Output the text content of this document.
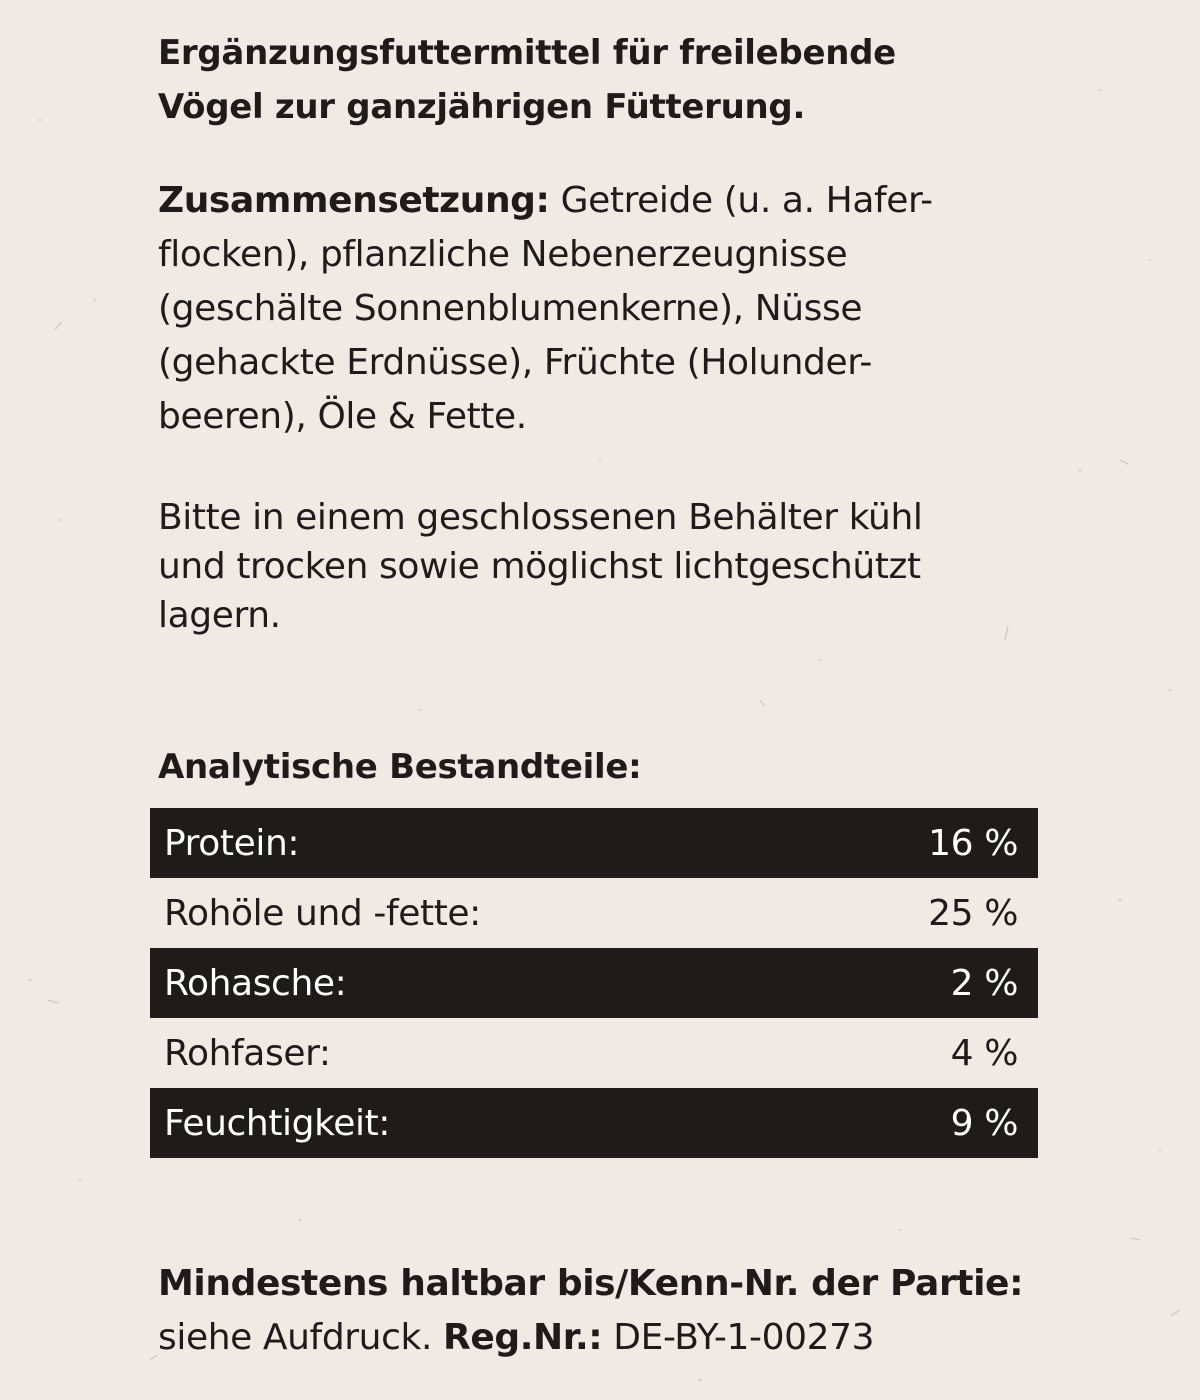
Ergänzungsfuttermittel für freilebende
Vögel zur ganzjährigen Fütterung.
Zusammensetzung: Getreide (u. a. Hafer-
flocken), pflanzliche Nebenerzeugnisse
(geschälte Sonnenblumenkerne), Nüsse
(gehackte Erdnüsse), Früchte (Holunder-
beeren), Öle & Fette.
Bitte in einem geschlossenen Behälter kühl
und trocken sowie möglichst lichtgeschützt
lagern.
Analytische Bestandteile:
Protein:	16 %
Rohöle und -fette:	25 %
Rohasche:	2 %
Rohfaser:	4 %
Feuchtigkeit:	9 %
Mindestens haltbar bis/Kenn-Nr. der Partie:
siehe Aufdruck. Reg.Nr.: DE-BY-1-00273
